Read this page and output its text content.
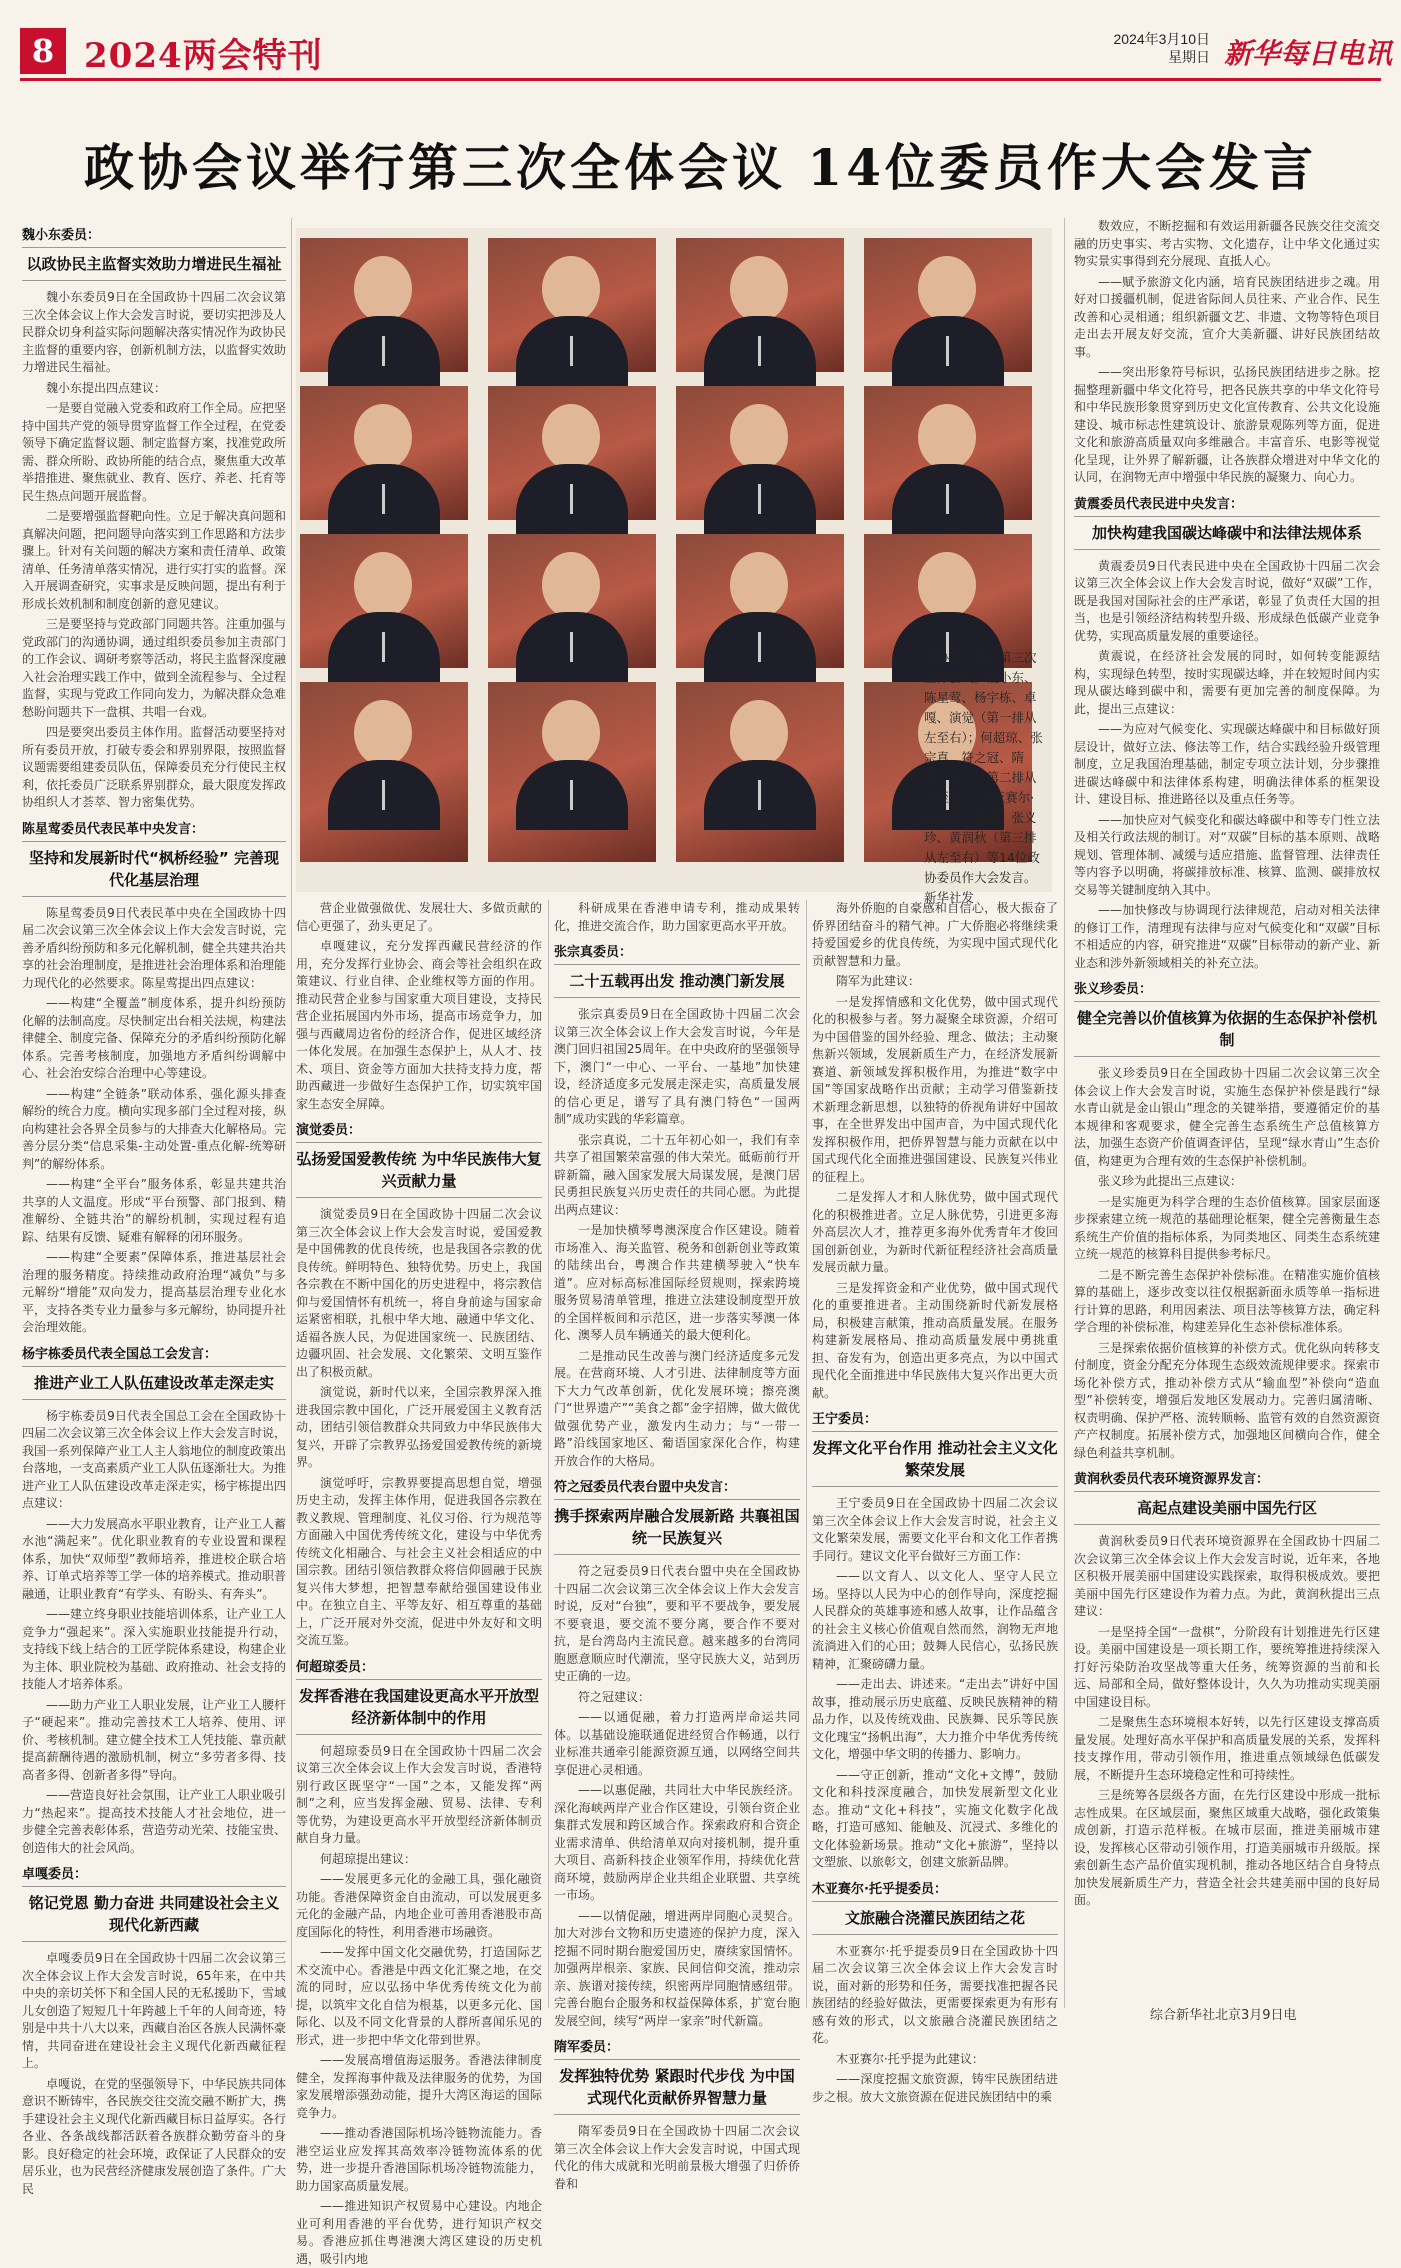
8 2024两会特刊	2024年3月10日
星期日 新华每日电讯
政协会议举行第三次全体会议 14位委员作大会发言
魏小东委员：
以政协民主监督实效助力增进民生福祉

魏小东委员9日在全国政协十四届二次会议第三次全体会议上作大会发言时说，要切实把涉及人民群众切身利益实际问题解决落实情况作为政协民主监督的重要内容，创新机制方法，以监督实效助力增进民生福祉。

魏小东提出四点建议：

一是要自觉融入党委和政府工作全局。应把坚持中国共产党的领导贯穿监督工作全过程，在党委领导下确定监督议题、制定监督方案，找准党政所需、群众所盼、政协所能的结合点，聚焦重大改革举措推进、聚焦就业、教育、医疗、养老、托育等民生热点问题开展监督。

二是要增强监督靶向性。立足于解决真问题和真解决问题，把问题导向落实到工作思路和方法步骤上。针对有关问题的解决方案和责任清单、政策清单、任务清单落实情况，进行实打实的监督。深入开展调查研究，实事求是反映问题，提出有利于形成长效机制和制度创新的意见建议。

三是要坚持与党政部门同题共答。注重加强与党政部门的沟通协调，通过组织委员参加主责部门的工作会议、调研考察等活动，将民主监督深度融入社会治理实践工作中，做到全流程参与、全过程监督，实现与党政工作同向发力，为解决群众急难愁盼问题共下一盘棋、共唱一台戏。

四是要突出委员主体作用。监督活动要坚持对所有委员开放，打破专委会和界别界限，按照监督议题需要组建委员队伍，保障委员充分行使民主权利，依托委员广泛联系界别群众，最大限度发挥政协组织人才荟萃、智力密集优势。

陈星莺委员代表民革中央发言：
坚持和发展新时代“枫桥经验” 完善现代化基层治理

陈星莺委员9日代表民革中央在全国政协十四届二次会议第三次全体会议上作大会发言时说，完善矛盾纠纷预防和多元化解机制，健全共建共治共享的社会治理制度，是推进社会治理体系和治理能力现代化的必然要求。陈星莺提出四点建议：

——构建“全覆盖”制度体系，提升纠纷预防化解的法制高度。尽快制定出台相关法规，构建法律健全、制度完备、保障充分的矛盾纠纷预防化解体系。完善考核制度，加强地方矛盾纠纷调解中心、社会治安综合治理中心等建设。

——构建“全链条”联动体系，强化源头排查解纷的统合力度。横向实现多部门全过程对接，纵向构建社会各界全员参与的大排查大化解格局。完善分层分类“信息采集-主动处置-重点化解-统筹研判”的解纷体系。

——构建“全平台”服务体系，彰显共建共治共享的人文温度。形成“平台预警、部门报到、精准解纷、全链共治”的解纷机制，实现过程有追踪、结果有反馈、疑难有解释的闭环服务。

——构建“全要素”保障体系，推进基层社会治理的服务精度。持续推动政府治理“减负”与多元解纷“增能”双向发力，提高基层治理专业化水平，支持各类专业力量参与多元解纷，协同提升社会治理效能。

杨宇栋委员代表全国总工会发言：
推进产业工人队伍建设改革走深走实

杨宇栋委员9日代表全国总工会在全国政协十四届二次会议第三次全体会议上作大会发言时说，我国一系列保障产业工人主人翁地位的制度政策出台落地，一支高素质产业工人队伍逐渐壮大。为推进产业工人队伍建设改革走深走实，杨宇栋提出四点建议：

——大力发展高水平职业教育，让产业工人蓄水池“满起来”。优化职业教育的专业设置和课程体系，加快“双师型”教师培养，推进校企联合培养、订单式培养等工学一体的培养模式。推动职普融通，让职业教育“有学头、有盼头、有奔头”。

——建立终身职业技能培训体系，让产业工人竞争力“强起来”。深入实施职业技能提升行动，支持线下线上结合的工匠学院体系建设，构建企业为主体、职业院校为基础、政府推动、社会支持的技能人才培养体系。

——助力产业工人职业发展，让产业工人腰杆子“硬起来”。推动完善技术工人培养、使用、评价、考核机制。建立健全技术工人凭技能、靠贡献提高薪酬待遇的激励机制，树立“多劳者多得、技高者多得、创新者多得”导向。

——营造良好社会氛围，让产业工人职业吸引力“热起来”。提高技术技能人才社会地位，进一步健全完善表彰体系，营造劳动光荣、技能宝贵、创造伟大的社会风尚。

卓嘎委员：
铭记党恩 勤力奋进 共同建设社会主义现代化新西藏

卓嘎委员9日在全国政协十四届二次会议第三次全体会议上作大会发言时说，65年来，在中共中央的亲切关怀下和全国人民的无私援助下，雪域儿女创造了短短几十年跨越上千年的人间奇迹，特别是中共十八大以来，西藏自治区各族人民满怀豪情，共同奋进在建设社会主义现代化新西藏征程上。

卓嘎说，在党的坚强领导下，中华民族共同体意识不断铸牢，各民族交往交流交融不断扩大，携手建设社会主义现代化新西藏目标日益厚实。各行各业、各条战线都活跃着各族群众勤劳奋斗的身影。良好稳定的社会环境，政保证了人民群众的安居乐业，也为民营经济健康发展创造了条件。广大民

政协会议举行第三次全体会议。魏小东、陈星莺、杨宇栋、卓嘎、演觉（第一排从左至右）；何超琼、张宗真、符之冠、隋军、王宁（第二排从左至右）；木亚赛尔·托乎提、黄震、张义珍、黄润秋（第三排从左至右）等14位政协委员作大会发言。 新华社发

营企业做强做优、发展壮大、多做贡献的信心更强了，劲头更足了。

卓嘎建议，充分发挥西藏民营经济的作用，充分发挥行业协会、商会等社会组织在政策建议、行业自律、企业维权等方面的作用。推动民营企业参与国家重大项目建设，支持民营企业拓展国内外市场，提高市场竞争力，加强与西藏周边省份的经济合作，促进区域经济一体化发展。在加强生态保护上，从人才、技术、项目、资金等方面加大扶持支持力度，帮助西藏进一步做好生态保护工作，切实筑牢国家生态安全屏障。

演觉委员：
弘扬爱国爱教传统 为中华民族伟大复兴贡献力量

演觉委员9日在全国政协十四届二次会议第三次全体会议上作大会发言时说，爱国爱教是中国佛教的优良传统，也是我国各宗教的优良传统。鲜明特色、独特优势。历史上，我国各宗教在不断中国化的历史进程中，将宗教信仰与爱国情怀有机统一，将自身前途与国家命运紧密相联，扎根中华大地、融通中华文化、适福各族人民，为促进国家统一、民族团结、边疆巩固、社会发展、文化繁荣、文明互鉴作出了积极贡献。

演觉说，新时代以来，全国宗教界深入推进我国宗教中国化，广泛开展爱国主义教育活动，团结引领信教群众共同致力中华民族伟大复兴，开辟了宗教界弘扬爱国爱教传统的新境界。

演觉呼吁，宗教界要提高思想自觉，增强历史主动，发挥主体作用，促进我国各宗教在教义教规、管理制度、礼仪习俗、行为规范等方面融入中国优秀传统文化，建设与中华优秀传统文化相融合、与社会主义社会相适应的中国宗教。团结引领信教群众将信仰圆融于民族复兴伟大梦想，把智慧奉献给强国建设伟业中。在独立自主、平等友好、相互尊重的基础上，广泛开展对外交流，促进中外友好和文明交流互鉴。

何超琼委员：
发挥香港在我国建设更高水平开放型经济新体制中的作用

何超琼委员9日在全国政协十四届二次会议第三次全体会议上作大会发言时说，香港特别行政区既坚守“一国”之本，又能发挥“两制”之利，应当发挥金融、贸易、法律、专利等优势，为建设更高水平开放型经济新体制贡献自身力量。

何超琼提出建议：

——发展更多元化的金融工具，强化融资功能。香港保障资金自由流动，可以发展更多元化的金融产品，内地企业可善用香港股市高度国际化的特性，利用香港市场融资。

——发挥中国文化交融优势，打造国际艺术交流中心。香港是中西文化汇聚之地，在交流的同时，应以弘扬中华优秀传统文化为前提，以筑牢文化自信为根基，以更多元化、国际化、以及不同文化背景的人群所喜闻乐见的形式，进一步把中华文化带到世界。

——发展高增值海运服务。香港法律制度健全，发挥海事仲裁及法律服务的优势，为国家发展增添强劲动能，提升大湾区海运的国际竞争力。

——推动香港国际机场冷链物流能力。香港空运业应发挥其高效率冷链物流体系的优势，进一步提升香港国际机场冷链物流能力，助力国家高质量发展。

——推进知识产权贸易中心建设。内地企业可利用香港的平台优势，进行知识产权交易。香港应抓住粤港澳大湾区建设的历史机遇，吸引内地

科研成果在香港申请专利，推动成果转化，推进交流合作，助力国家更高水平开放。

张宗真委员：
二十五载再出发 推动澳门新发展

张宗真委员9日在全国政协十四届二次会议第三次全体会议上作大会发言时说，今年是澳门回归祖国25周年。在中央政府的坚强领导下，澳门“一中心、一平台、一基地”加快建设，经济适度多元发展走深走实，高质量发展的信心更足，谱写了具有澳门特色“一国两制”成功实践的华彩篇章。

张宗真说，二十五年初心如一，我们有幸共享了祖国繁荣富强的伟大荣光。砥砺前行开辟新篇，融入国家发展大局谋发展，是澳门居民勇担民族复兴历史责任的共同心愿。为此提出两点建议：

一是加快横琴粤澳深度合作区建设。随着市场准入、海关监管、税务和创新创业等政策的陆续出台，粤澳合作共建横琴驶入“快车道”。应对标高标准国际经贸规则，探索跨境服务贸易清单管理，推进立法建设制度型开放的全国样板间和示范区，进一步落实琴澳一体化、澳琴人员车辆通关的最大便利化。

二是推动民生改善与澳门经济适度多元发展。在营商环境、人才引进、法律制度等方面下大力气改革创新，优化发展环境；擦亮澳门“世界遗产”“美食之都”金字招牌，做大做优做强优势产业，激发内生动力；与“一带一路”沿线国家地区、葡语国家深化合作，构建开放合作的大格局。

符之冠委员代表台盟中央发言：
携手探索两岸融合发展新路 共襄祖国统一民族复兴

符之冠委员9日代表台盟中央在全国政协十四届二次会议第三次全体会议上作大会发言时说，反对“台独”，要和平不要战争，要发展不要衰退，要交流不要分离，要合作不要对抗，是台湾岛内主流民意。越来越多的台湾同胞愿意顺应时代潮流，坚守民族大义，站到历史正确的一边。

符之冠建议：

——以通促融，着力打造两岸命运共同体。以基础设施联通促进经贸合作畅通，以行业标准共通牵引能源资源互通，以网络空间共享促进心灵相通。

——以惠促融，共同壮大中华民族经济。深化海峡两岸产业合作区建设，引领台资企业集群式发展和跨区域合作。探索政府和合资企业需求清单、供给清单双向对接机制，提升重大项目、高新科技企业领军作用，持续优化营商环境，鼓励两岸企业共组企业联盟、共享统一市场。

——以情促融，增进两岸同胞心灵契合。加大对涉台文物和历史遗迹的保护力度，深入挖掘不同时期台胞爱国历史，赓续家国情怀。加强两岸根亲、家族、民间信仰交流，推动宗亲、族谱对接传续，织密两岸同胞情感纽带。完善台胞台企服务和权益保障体系，扩宽台胞发展空间，续写“两岸一家亲”时代新篇。

隋军委员：
发挥独特优势 紧跟时代步伐 为中国式现代化贡献侨界智慧力量

隋军委员9日在全国政协十四届二次会议第三次全体会议上作大会发言时说，中国式现代化的伟大成就和光明前景极大增强了归侨侨眷和

海外侨胞的自豪感和自信心，极大振奋了侨界团结奋斗的精气神。广大侨胞必将继续秉持爱国爱乡的优良传统，为实现中国式现代化贡献智慧和力量。

隋军为此建议：

一是发挥情感和文化优势，做中国式现代化的积极参与者。努力凝聚全球资源，介绍可为中国借鉴的国外经验、理念、做法；主动聚焦新兴领域，发展新质生产力，在经济发展新赛道、新领域发挥积极作用，为推进“数字中国”等国家战略作出贡献；主动学习借鉴新技术新理念新思想，以独特的侨视角讲好中国故事，在全世界发出中国声音，为中国式现代化发挥积极作用，把侨界智慧与能力贡献在以中国式现代化全面推进强国建设、民族复兴伟业的征程上。

二是发挥人才和人脉优势，做中国式现代化的积极推进者。立足人脉优势，引进更多海外高层次人才，推荐更多海外优秀青年才俊回国创新创业，为新时代新征程经济社会高质量发展贡献力量。

三是发挥资金和产业优势，做中国式现代化的重要推进者。主动围绕新时代新发展格局，积极建言献策，推动高质量发展。在服务构建新发展格局、推动高质量发展中勇挑重担、奋发有为，创造出更多亮点，为以中国式现代化全面推进中华民族伟大复兴作出更大贡献。

王宁委员：
发挥文化平台作用 推动社会主义文化繁荣发展

王宁委员9日在全国政协十四届二次会议第三次全体会议上作大会发言时说，社会主义文化繁荣发展，需要文化平台和文化工作者携手同行。建议文化平台做好三方面工作：

——以文育人、以文化人、坚守人民立场。坚持以人民为中心的创作导向，深度挖掘人民群众的英雄事迹和感人故事，让作品蕴含的社会主义核心价值观自然而然，润物无声地流淌进入们的心田；鼓舞人民信心，弘扬民族精神，汇聚磅礴力量。

——走出去、讲述来。“走出去”讲好中国故事，推动展示历史底蕴、反映民族精神的精品力作，以及传统戏曲、民族舞、民乐等民族文化瑰宝“扬帆出海”，大力推介中华优秀传统文化，增强中华文明的传播力、影响力。

——守正创新，推动“文化+文博”，鼓励文化和科技深度融合，加快发展新型文化业态。推动“文化+科技”，实施文化数字化战略，打造可感知、能触及、沉浸式、多维化的文化体验新场景。推动“文化+旅游”，坚持以文塑旅、以旅彰文，创建文旅新品牌。

木亚赛尔·托乎提委员：
文旅融合浇灌民族团结之花

木亚赛尔·托乎提委员9日在全国政协十四届二次会议第三次全体会议上作大会发言时说，面对新的形势和任务，需要找准把握各民族团结的经验好做法，更需要探索更为有形有感有效的形式，以文旅融合浇灌民族团结之花。

木亚赛尔·托乎提为此建议：

——深度挖掘文旅资源，铸牢民族团结进步之根。放大文旅资源在促进民族团结中的乘

数效应，不断挖掘和有效运用新疆各民族交往交流交融的历史事实、考古实物、文化遗存，让中华文化通过实物实景实事得到充分展现、直抵人心。

——赋予旅游文化内涵，培育民族团结进步之魂。用好对口援疆机制，促进省际间人员往来、产业合作、民生改善和心灵相通；组织新疆文艺、非遗、文物等特色项目走出去开展友好交流，宣介大美新疆、讲好民族团结故事。

——突出形象符号标识，弘扬民族团结进步之脉。挖掘整理新疆中华文化符号，把各民族共享的中华文化符号和中华民族形象贯穿到历史文化宣传教育、公共文化设施建设、城市标志性建筑设计、旅游景观陈列等方面，促进文化和旅游高质量双向多维融合。丰富音乐、电影等视觉化呈现，让外界了解新疆，让各族群众增进对中华文化的认同，在润物无声中增强中华民族的凝聚力、向心力。

黄震委员代表民进中央发言：
加快构建我国碳达峰碳中和法律法规体系

黄震委员9日代表民进中央在全国政协十四届二次会议第三次全体会议上作大会发言时说，做好“双碳”工作，既是我国对国际社会的庄严承诺，彰显了负责任大国的担当，也是引领经济结构转型升级、形成绿色低碳产业竞争优势，实现高质量发展的重要途径。

黄震说，在经济社会发展的同时，如何转变能源结构，实现绿色转型，按时实现碳达峰，并在较短时间内实现从碳达峰到碳中和，需要有更加完善的制度保障。为此，提出三点建议：

——为应对气候变化、实现碳达峰碳中和目标做好顶层设计，做好立法、修法等工作，结合实践经验升级管理制度，立足我国治理基础，制定专项立法计划，分步骤推进碳达峰碳中和法律体系构建，明确法律体系的框架设计、建设目标、推进路径以及重点任务等。

——加快应对气候变化和碳达峰碳中和等专门性立法及相关行政法规的制订。对“双碳”目标的基本原则、战略规划、管理体制、减缓与适应措施、监督管理、法律责任等内容予以明确，将碳排放标准、核算、监测、碳排放权交易等关键制度纳入其中。

——加快修改与协调现行法律规范，启动对相关法律的修订工作，清理现有法律与应对气候变化和“双碳”目标不相适应的内容，研究推进“双碳”目标带动的新产业、新业态和涉外新领域相关的补充立法。

张义珍委员：
健全完善以价值核算为依据的生态保护补偿机制

张义珍委员9日在全国政协十四届二次会议第三次全体会议上作大会发言时说，实施生态保护补偿是践行“绿水青山就是金山银山”理念的关键举措，要遵循定价的基本规律和客观要求，健全完善生态系统生产总值核算方法，加强生态资产价值调查评估，呈现“绿水青山”生态价值，构建更为合理有效的生态保护补偿机制。

张义珍为此提出三点建议：

一是实施更为科学合理的生态价值核算。国家层面逐步探索建立统一规范的基础理论框架，健全完善衡量生态系统生产价值的指标体系，为同类地区、同类生态系统建立统一规范的核算科目提供参考标尺。

二是不断完善生态保护补偿标准。在精准实施价值核算的基础上，逐步改变以往仅根据新面永质等单一指标进行计算的思路，利用因素法、项目法等核算方法，确定科学合理的补偿标准，构建差异化生态补偿标准体系。

三是探索依据价值核算的补偿方式。优化纵向转移支付制度，资金分配充分体现生态级效流规律要求。探索市场化补偿方式，推动补偿方式从“输血型”补偿向“造血型”补偿转变，增强后发地区发展动力。完善归属清晰、权责明确、保护严格、流转顺畅、监管有效的自然资源资产产权制度。拓展补偿方式，加强地区间横向合作，健全绿色利益共享机制。

黄润秋委员代表环境资源界发言：
高起点建设美丽中国先行区

黄润秋委员9日代表环境资源界在全国政协十四届二次会议第三次全体会议上作大会发言时说，近年来，各地区积极开展美丽中国建设实践探索，取得积极成效。要把美丽中国先行区建设作为着力点。为此，黄润秋提出三点建议：

一是坚持全国“一盘棋”，分阶段有计划推进先行区建设。美丽中国建设是一项长期工作，要统筹推进持续深入打好污染防治攻坚战等重大任务，统筹资源的当前和长远、局部和全局，做好整体设计，久久为功推动实现美丽中国建设目标。

二是聚焦生态环境根本好转，以先行区建设支撑高质量发展。处理好高水平保护和高质量发展的关系，发挥科技支撑作用，带动引领作用，推进重点领域绿色低碳发展，不断提升生态环境稳定性和可持续性。

三是统筹各层级各方面，在先行区建设中形成一批标志性成果。在区域层面，聚焦区域重大战略，强化政策集成创新，打造示范样板。在城市层面，推进美丽城市建设，发挥核心区带动引领作用，打造美丽城市升级版。探索创新生态产品价值实现机制，推动各地区结合自身特点加快发展新质生产力，营造全社会共建美丽中国的良好局面。

综合新华社北京3月9日电
